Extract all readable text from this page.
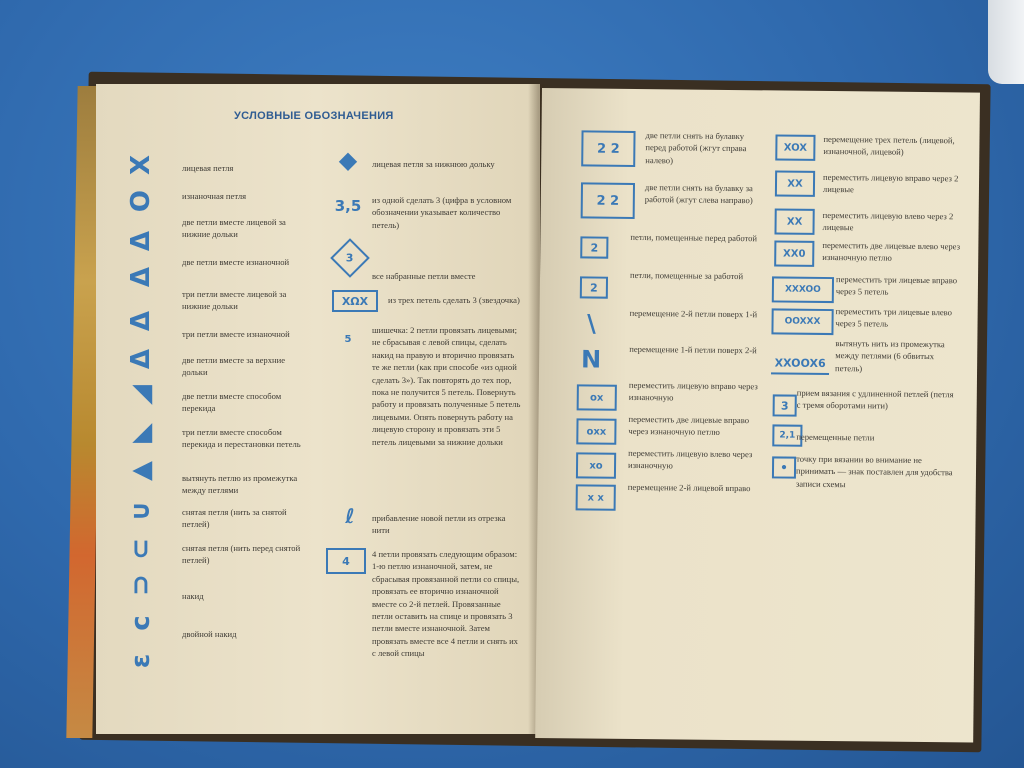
УСЛОВНЫЕ ОБОЗНАЧЕНИЯ
X
O
Δ
Δ
Δ
Δ
◢
◣
▲
∪
⊂
⊃
c
ɛ
лицевая петля
изнаночная петля
две петли вместе лицевой за нижние дольки
две петли вместе изнаночной
три петли вместе лицевой за нижние дольки
три петли вместе изнаночной
две петли вместе за верхние дольки
две петли вместе способом перекида
три петли вместе способом перекида и перестановки петель
вытянуть петлю из промежутка между петлями
снятая петля (нить за снятой петлей)
снятая петля (нить перед снятой петлей)
накид
двойной накид
◆
3,5
3
XΩX
5
ℓ
4
лицевая петля за нижнюю дольку
из одной сделать 3 (цифра в условном обозначении указывает количество петель)
все набранные петли вместе
из трех петель сделать 3 (звездочка)
шишечка: 2 петли провязать лицевыми; не сбрасывая с левой спицы, сделать накид на правую и вторично провязать те же петли (как при способе «из одной сделать 3»). Так повторять до тех пор, пока не получится 5 петель. Повернуть работу и провязать полученные 5 петель лицевыми. Опять повернуть работу на лицевую сторону и провязать эти 5 петель лицевыми за нижние дольки
прибавление новой петли из отрезка нити
4 петли провязать следующим образом: 1-ю петлю изнаночной, затем, не сбрасывая провязанной петли со спицы, провязать ее вторично изнаночной вместе со 2-й петлей. Провязанные петли оставить на спице и провязать 3 петли вместе изнаночной. Затем провязать вместе все 4 петли и снять их с левой спицы
2 2
2 2
2
2
\
N
ox
oxx
xo
x x
две петли снять на булавку перед работой (жгут справа налево)
две петли снять на булавку за работой (жгут слева направо)
петли, помещенные перед работой
петли, помещенные за работой
перемещение 2-й петли поверх 1-й
перемещение 1-й петли поверх 2-й
переместить лицевую вправо через изнаночную
переместить две лицевые вправо через изнаночную петлю
переместить лицевую влево через изнаночную
перемещение 2-й лицевой вправо
XOX
XX
XX
XX0
XXXOO
OOXXX
XXOOX6
3
2,1
•
перемещение трех петель (лицевой, изнаночной, лицевой)
переместить лицевую вправо через 2 лицевые
переместить лицевую влево через 2 лицевые
переместить две лицевые влево через изнаночную петлю
переместить три лицевые вправо через 5 петель
переместить три лицевые влево через 5 петель
вытянуть нить из промежутка между петлями (6 обвитых петель)
прием вязания с удлиненной петлей (петля с тремя оборотами нити)
перемещенные петли
точку при вязании во внимание не принимать — знак поставлен для удобства записи схемы
